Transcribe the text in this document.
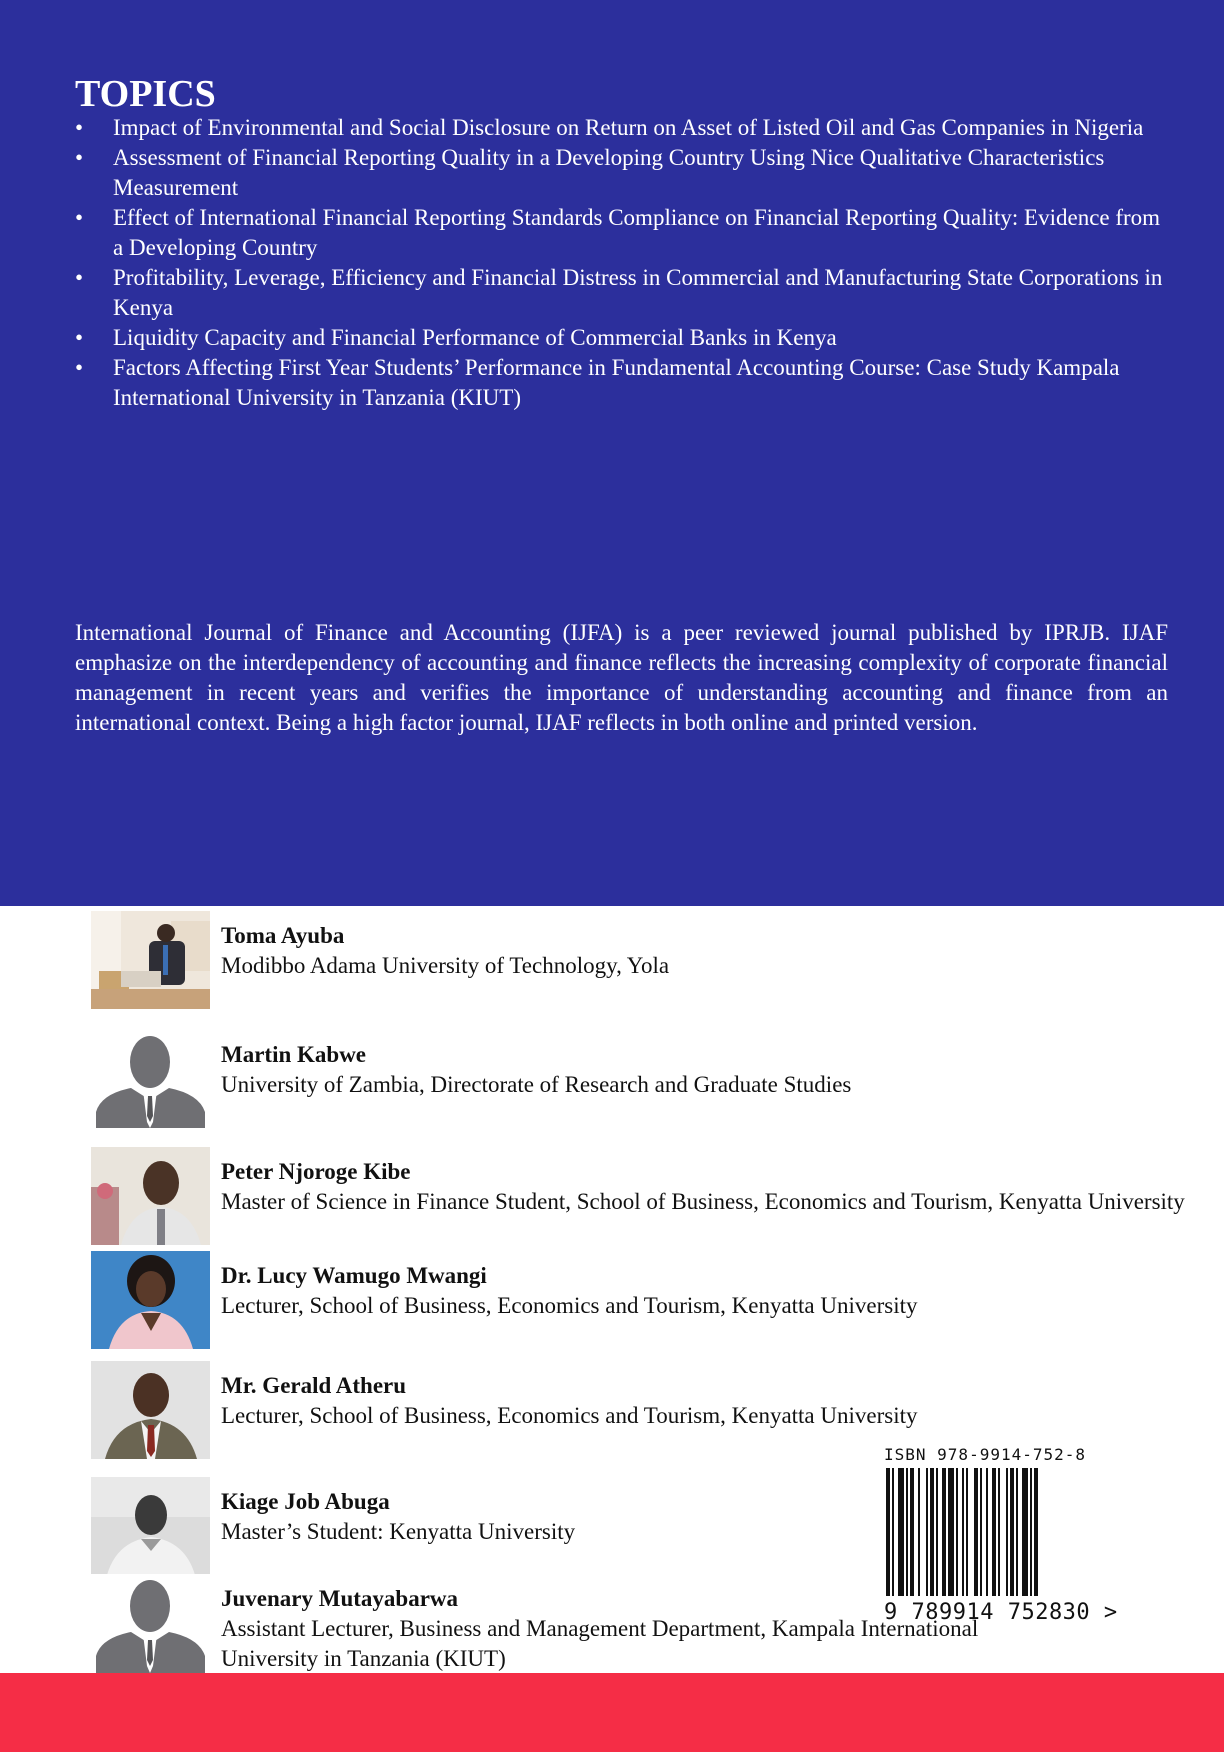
TOPICS
•	Impact of Environmental and Social Disclosure on Return on Asset of Listed Oil and Gas Companies in Nigeria
•	Assessment of Financial Reporting Quality in a Developing Country Using Nice Qualitative Characteristics Measurement
•	Effect of International Financial Reporting Standards Compliance on Financial Reporting Quality: Evidence from a Developing Country
•	Profitability, Leverage, Efficiency and Financial Distress in Commercial and Manufacturing State Corporations in Kenya
•	Liquidity Capacity and Financial Performance of Commercial Banks in Kenya
•	Factors Affecting First Year Students’ Performance in Fundamental Accounting Course: Case Study Kampala International University in Tanzania (KIUT)

International Journal of Finance and Accounting (IJFA) is a peer reviewed journal published by IPRJB. IJAF emphasize on the interdependency of accounting and finance reflects the increasing complexity of corporate financial management in recent years and verifies the importance of understanding accounting and finance from an international context. Being a high factor journal, IJAF reflects in both online and printed version.

Toma Ayuba
Modibbo Adama University of Technology, Yola
Martin Kabwe
University of Zambia, Directorate of Research and Graduate Studies
Peter Njoroge Kibe
Master of Science in Finance Student, School of Business, Economics and Tourism, Kenyatta University
Dr. Lucy Wamugo Mwangi
Lecturer, School of Business, Economics and Tourism, Kenyatta University
Mr. Gerald Atheru
Lecturer, School of Business, Economics and Tourism, Kenyatta University
Kiage Job Abuga
Master’s Student: Kenyatta University
Juvenary Mutayabarwa
Assistant Lecturer, Business and Management Department, Kampala International University in Tanzania (KIUT)
ISBN 978-9914-752-8
9 789914 752830 >
